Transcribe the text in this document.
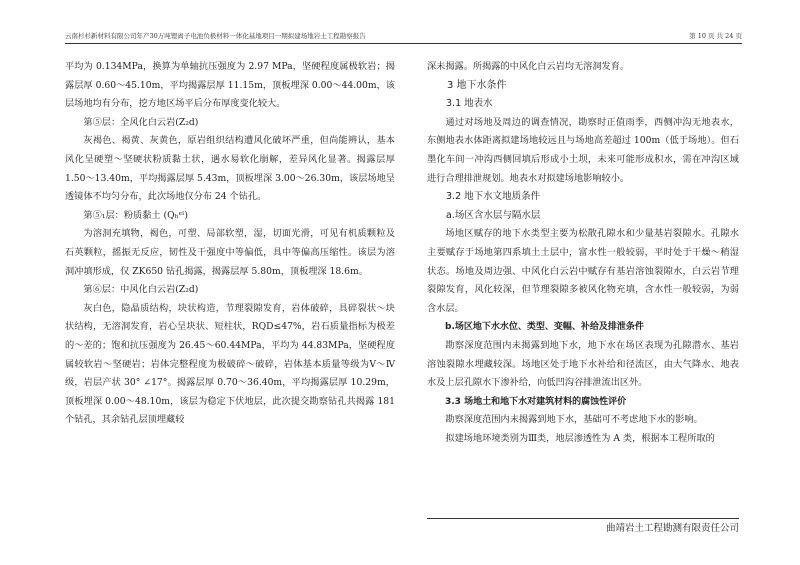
云南杉杉新材料有限公司年产30万吨锂离子电池负极材料一体化基地项目一期拟建场地岩土工程勘察报告	第 10 页 共 24 页

平均为 0.134MPa，换算为单轴抗压强度为 2.97 MPa，坚硬程度属极软岩；揭露层厚 0.60～45.10m，平均揭露层厚 11.15m，顶板埋深 0.00～44.00m，该层场地均有分布，挖方地区场平后分布厚度变化较大。

第⑤层：全风化白云岩(Z₂d)

灰褐色、褐黄、灰黄色，原岩组织结构遭风化破坏严重，但尚能辨认，基本风化呈硬塑～坚硬状粉质黏土状，遇水易软化崩解，差异风化显著。揭露层厚 1.50～13.40m，平均揭露层厚 5.43m，顶板埋深 3.00～26.30m，该层场地呈透镜体不均匀分布，此次场地仅分布 24 个钻孔。

第⑤₁层：粉质黏土 (Qₕᵉˡ)

为溶洞充填物，褐色，可塑、局部软塑，湿，切面光滑，可见有机质颗粒及石英颗粒，摇振无反应，韧性及干强度中等偏低，具中等偏高压缩性。该层为溶洞冲填形成，仅 ZK650 钻孔揭露，揭露层厚 5.80m，顶板埋深 18.6m。

第⑥层：中风化白云岩(Z₂d)

灰白色，隐晶质结构，块状构造，节理裂隙发育，岩体破碎，具碎裂状～块状结构，无溶洞发育，岩心呈块状、短柱状，RQD≤47%，岩石质量指标为极差的～差的；饱和抗压强度为 26.45～60.44MPa，平均为 44.83MPa，坚硬程度属较软岩～坚硬岩；岩体完整程度为极破碎～破碎，岩体基本质量等级为Ⅴ～Ⅳ级，岩层产状 30° ∠17°。揭露层厚 0.70～36.40m，平均揭露层厚 10.29m，顶板埋深 0.00～48.10m，该层为稳定下伏地层，此次提交勘察钻孔共揭露 181 个钻孔，其余钻孔层顶埋藏较

深未揭露。所揭露的中风化白云岩均无溶洞发育。

3 地下水条件

3.1 地表水

通过对场地及周边的调查情况，勘察时正值雨季，西侧冲沟无地表水，东侧地表水体距离拟建场地较远且与场地高差超过 100m（低于场地）。但石墨化车间一冲沟西侧回填后形成小土坝，未来可能形成积水，需在冲沟区域进行合理排泄规划。地表水对拟建场地影响较小。

3.2 地下水文地质条件

a.场区含水层与隔水层

场地区赋存的地下水类型主要为松散孔隙水和少量基岩裂隙水。孔隙水主要赋存于场地第四系填土土层中，富水性一般较弱，平时处于干燥～稍湿状态。场地及周边强、中风化白云岩中赋存有基岩溶蚀裂隙水，白云岩节理裂隙发育，风化较深，但节理裂隙多被风化物充填，含水性一般较弱，为弱含水层。

b.场区地下水水位、类型、变幅、补给及排泄条件

勘察深度范围内未揭露到地下水，地下水在场区表现为孔隙潜水、基岩溶蚀裂隙水埋藏较深。场地区处于地下水补给和径流区，由大气降水、地表水及上层孔隙水下渗补给，向低凹沟谷排泄流出区外。

3.3 场地土和地下水对建筑材料的腐蚀性评价

勘察深度范围内未揭露到地下水，基础可不考虑地下水的影响。

拟建场地环境类别为Ⅲ类，地层渗透性为 A 类，根据本工程所取的

曲靖岩土工程勘测有限责任公司
